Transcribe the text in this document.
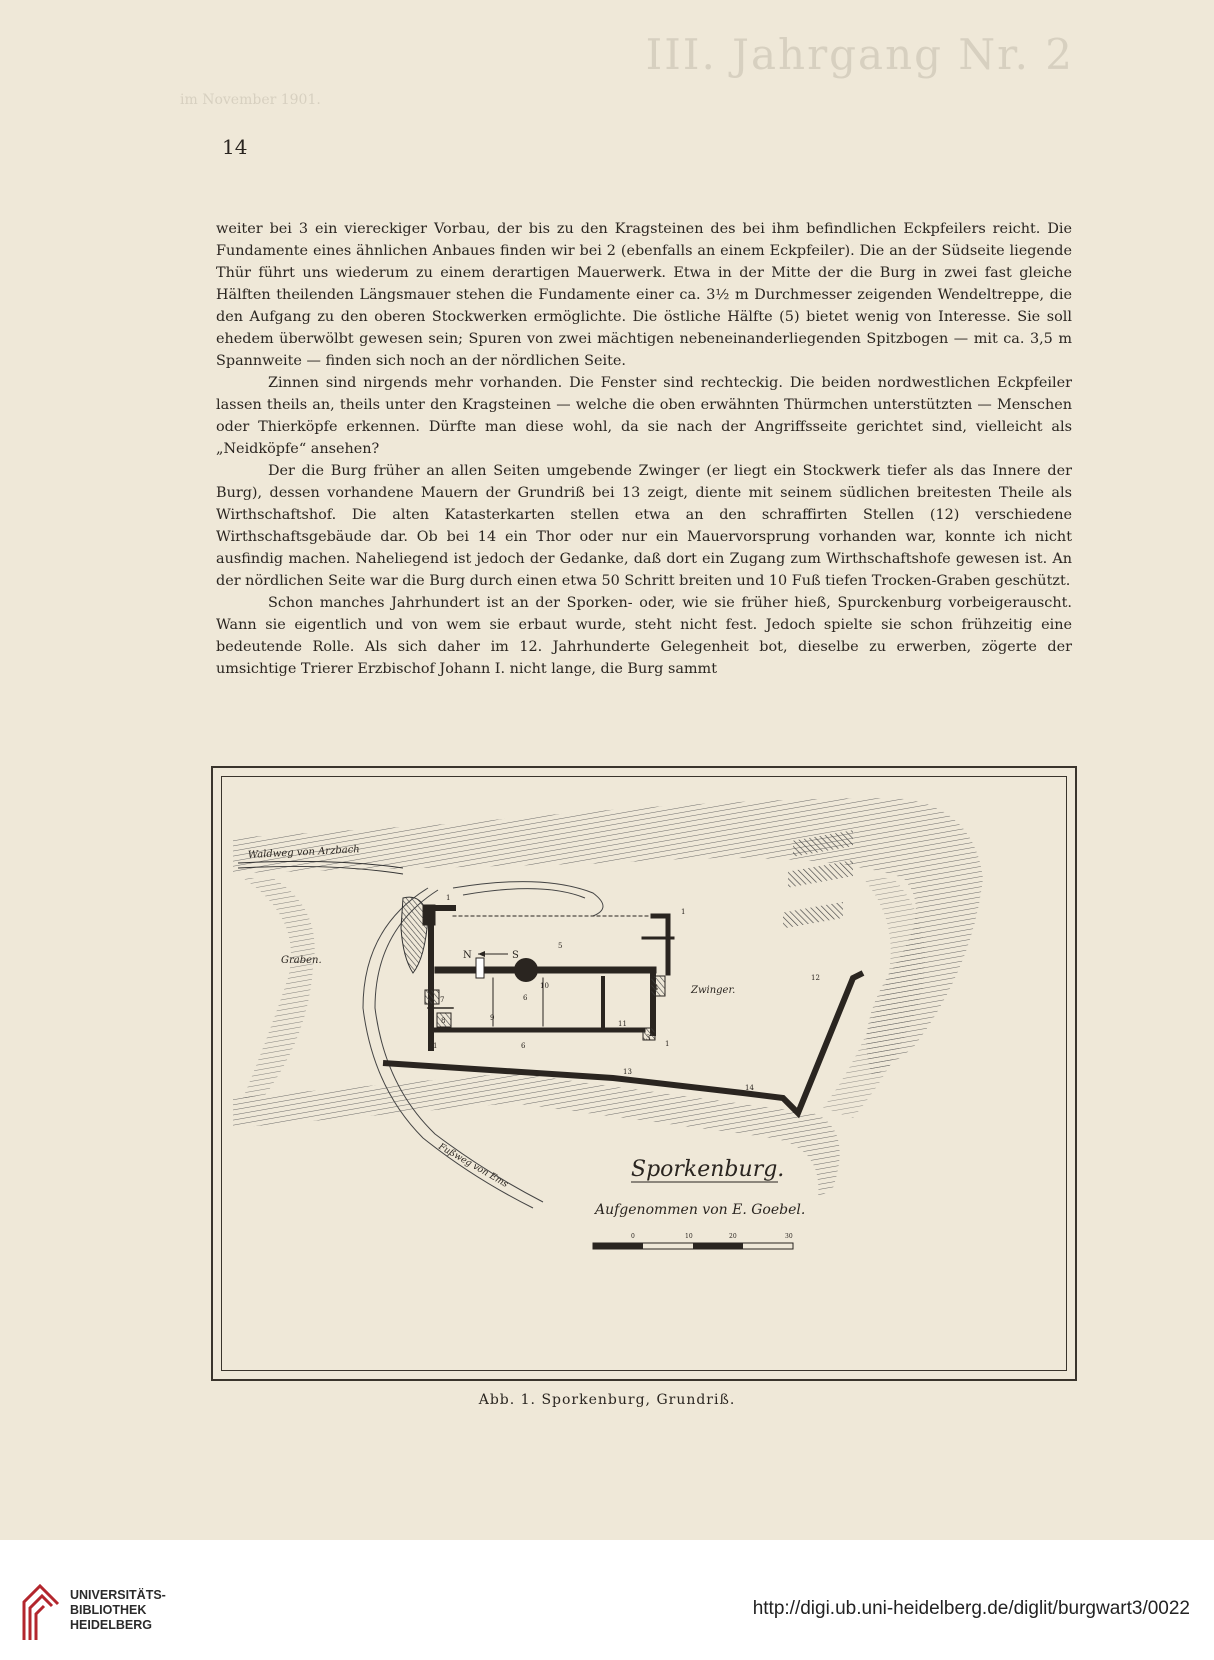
III. Jahrgang Nr. 2
im November 1901.
14

weiter bei 3 ein viereckiger Vorbau, der bis zu den Kragsteinen des bei ihm befindlichen Eckpfeilers reicht. Die Fundamente eines ähnlichen Anbaues finden wir bei 2 (ebenfalls an einem Eckpfeiler). Die an der Südseite liegende Thür führt uns wiederum zu einem derartigen Mauerwerk. Etwa in der Mitte der die Burg in zwei fast gleiche Hälften theilenden Längsmauer stehen die Fundamente einer ca. 3½ m Durchmesser zeigenden Wendeltreppe, die den Aufgang zu den oberen Stockwerken ermöglichte. Die östliche Hälfte (5) bietet wenig von Interesse. Sie soll ehedem überwölbt gewesen sein; Spuren von zwei mächtigen nebeneinanderliegenden Spitzbogen — mit ca. 3,5 m Spannweite — finden sich noch an der nördlichen Seite.

Zinnen sind nirgends mehr vorhanden. Die Fenster sind rechteckig. Die beiden nordwestlichen Eckpfeiler lassen theils an, theils unter den Kragsteinen — welche die oben erwähnten Thürmchen unterstützten — Menschen oder Thierköpfe erkennen. Dürfte man diese wohl, da sie nach der Angriffsseite gerichtet sind, vielleicht als „Neidköpfe“ ansehen?

Der die Burg früher an allen Seiten umgebende Zwinger (er liegt ein Stockwerk tiefer als das Innere der Burg), dessen vorhandene Mauern der Grundriß bei 13 zeigt, diente mit seinem südlichen breitesten Theile als Wirthschaftshof. Die alten Katasterkarten stellen etwa an den schraffirten Stellen (12) verschiedene Wirthschaftsgebäude dar. Ob bei 14 ein Thor oder nur ein Mauervorsprung vorhanden war, konnte ich nicht ausfindig machen. Naheliegend ist jedoch der Gedanke, daß dort ein Zugang zum Wirthschaftshofe gewesen ist. An der nördlichen Seite war die Burg durch einen etwa 50 Schritt breiten und 10 Fuß tiefen Trocken-Graben geschützt.

Schon manches Jahrhundert ist an der Sporken- oder, wie sie früher hieß, Spurckenburg vorbeigerauscht. Wann sie eigentlich und von wem sie erbaut wurde, steht nicht fest. Jedoch spielte sie schon frühzeitig eine bedeutende Rolle. Als sich daher im 12. Jahrhunderte Gelegenheit bot, dieselbe zu erwerben, zögerte der umsichtige Trierer Erzbischof Johann I. nicht lange, die Burg sammt

Waldweg von Arzbach
Graben.
Zwinger.
Fußweg von Ems
N	S
1
1
1	1
2
3
4
5
6
6
7
8	9
10
11
12
13
14
Sporkenburg.
Aufgenommen von E. Goebel.
0	10	20	30
Abb. 1. Sporkenburg, Grundriß.
UNIVERSITÄTS-
BIBLIOTHEK
HEIDELBERG
http://digi.ub.uni-heidelberg.de/diglit/burgwart3/0022
